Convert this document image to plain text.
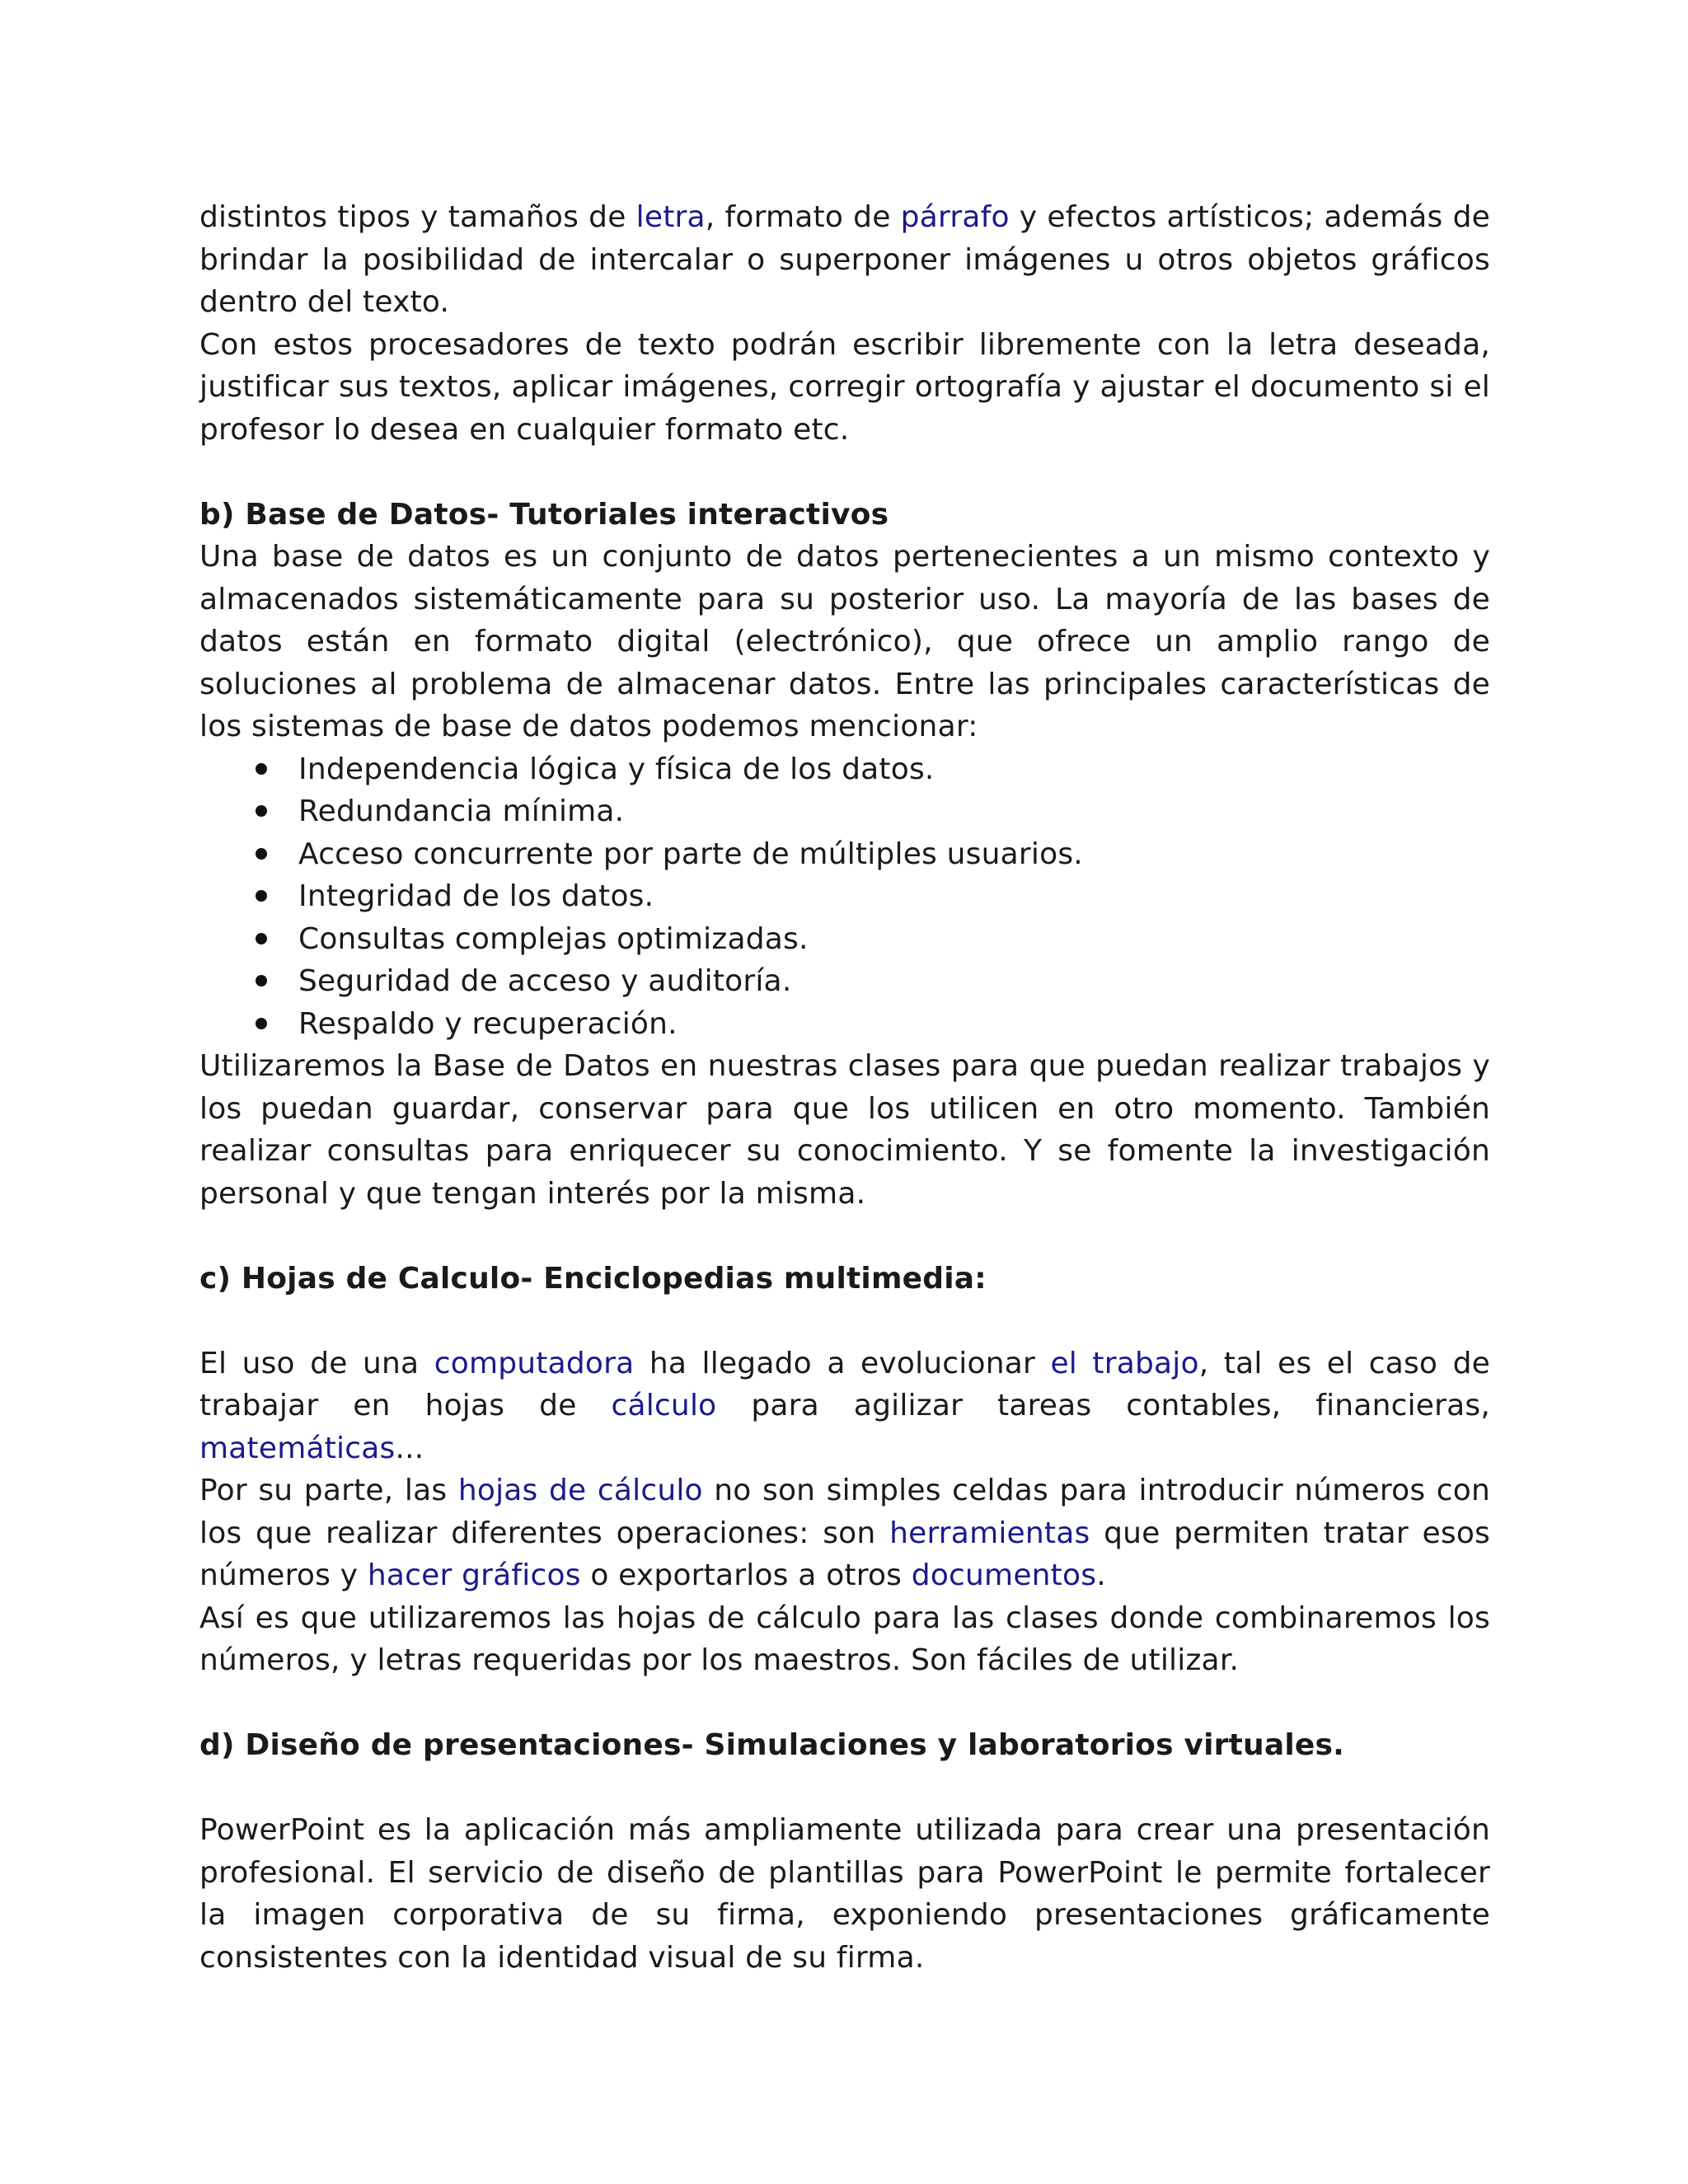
distintos tipos y tamaños de letra, formato de párrafo y efectos artísticos; además de brindar la posibilidad de intercalar o superponer imágenes u otros objetos gráficos dentro del texto.

Con estos procesadores de texto podrán escribir libremente con la letra deseada, justificar sus textos, aplicar imágenes, corregir ortografía y ajustar el documento si el profesor lo desea en cualquier formato etc.

b) Base de Datos- Tutoriales interactivos

Una base de datos es un conjunto de datos pertenecientes a un mismo contexto y almacenados sistemáticamente para su posterior uso. La mayoría de las bases de datos están en formato digital (electrónico), que ofrece un amplio rango de soluciones al problema de almacenar datos. Entre las principales características de los sistemas de base de datos podemos mencionar:

Independencia lógica y física de los datos.
Redundancia mínima.
Acceso concurrente por parte de múltiples usuarios.
Integridad de los datos.
Consultas complejas optimizadas.
Seguridad de acceso y auditoría.
Respaldo y recuperación.

Utilizaremos la Base de Datos en nuestras clases para que puedan realizar trabajos y los puedan guardar, conservar para que los utilicen en otro momento. También realizar consultas para enriquecer su conocimiento. Y se fomente la investigación personal y que tengan interés por la misma.

c) Hojas de Calculo- Enciclopedias multimedia:

El uso de una computadora ha llegado a evolucionar el trabajo, tal es el caso de trabajar en hojas de cálculo para agilizar tareas contables, financieras, matemáticas...

Por su parte, las hojas de cálculo no son simples celdas para introducir números con los que realizar diferentes operaciones: son herramientas que permiten tratar esos números y hacer gráficos o exportarlos a otros documentos.

Así es que utilizaremos las hojas de cálculo para las clases donde combinaremos los números, y letras requeridas por los maestros. Son fáciles de utilizar.

d) Diseño de presentaciones- Simulaciones y laboratorios virtuales.

PowerPoint es la aplicación más ampliamente utilizada para crear una presentación profesional. El servicio de diseño de plantillas para PowerPoint le permite fortalecer la imagen corporativa de su firma, exponiendo presentaciones gráficamente consistentes con la identidad visual de su firma.
